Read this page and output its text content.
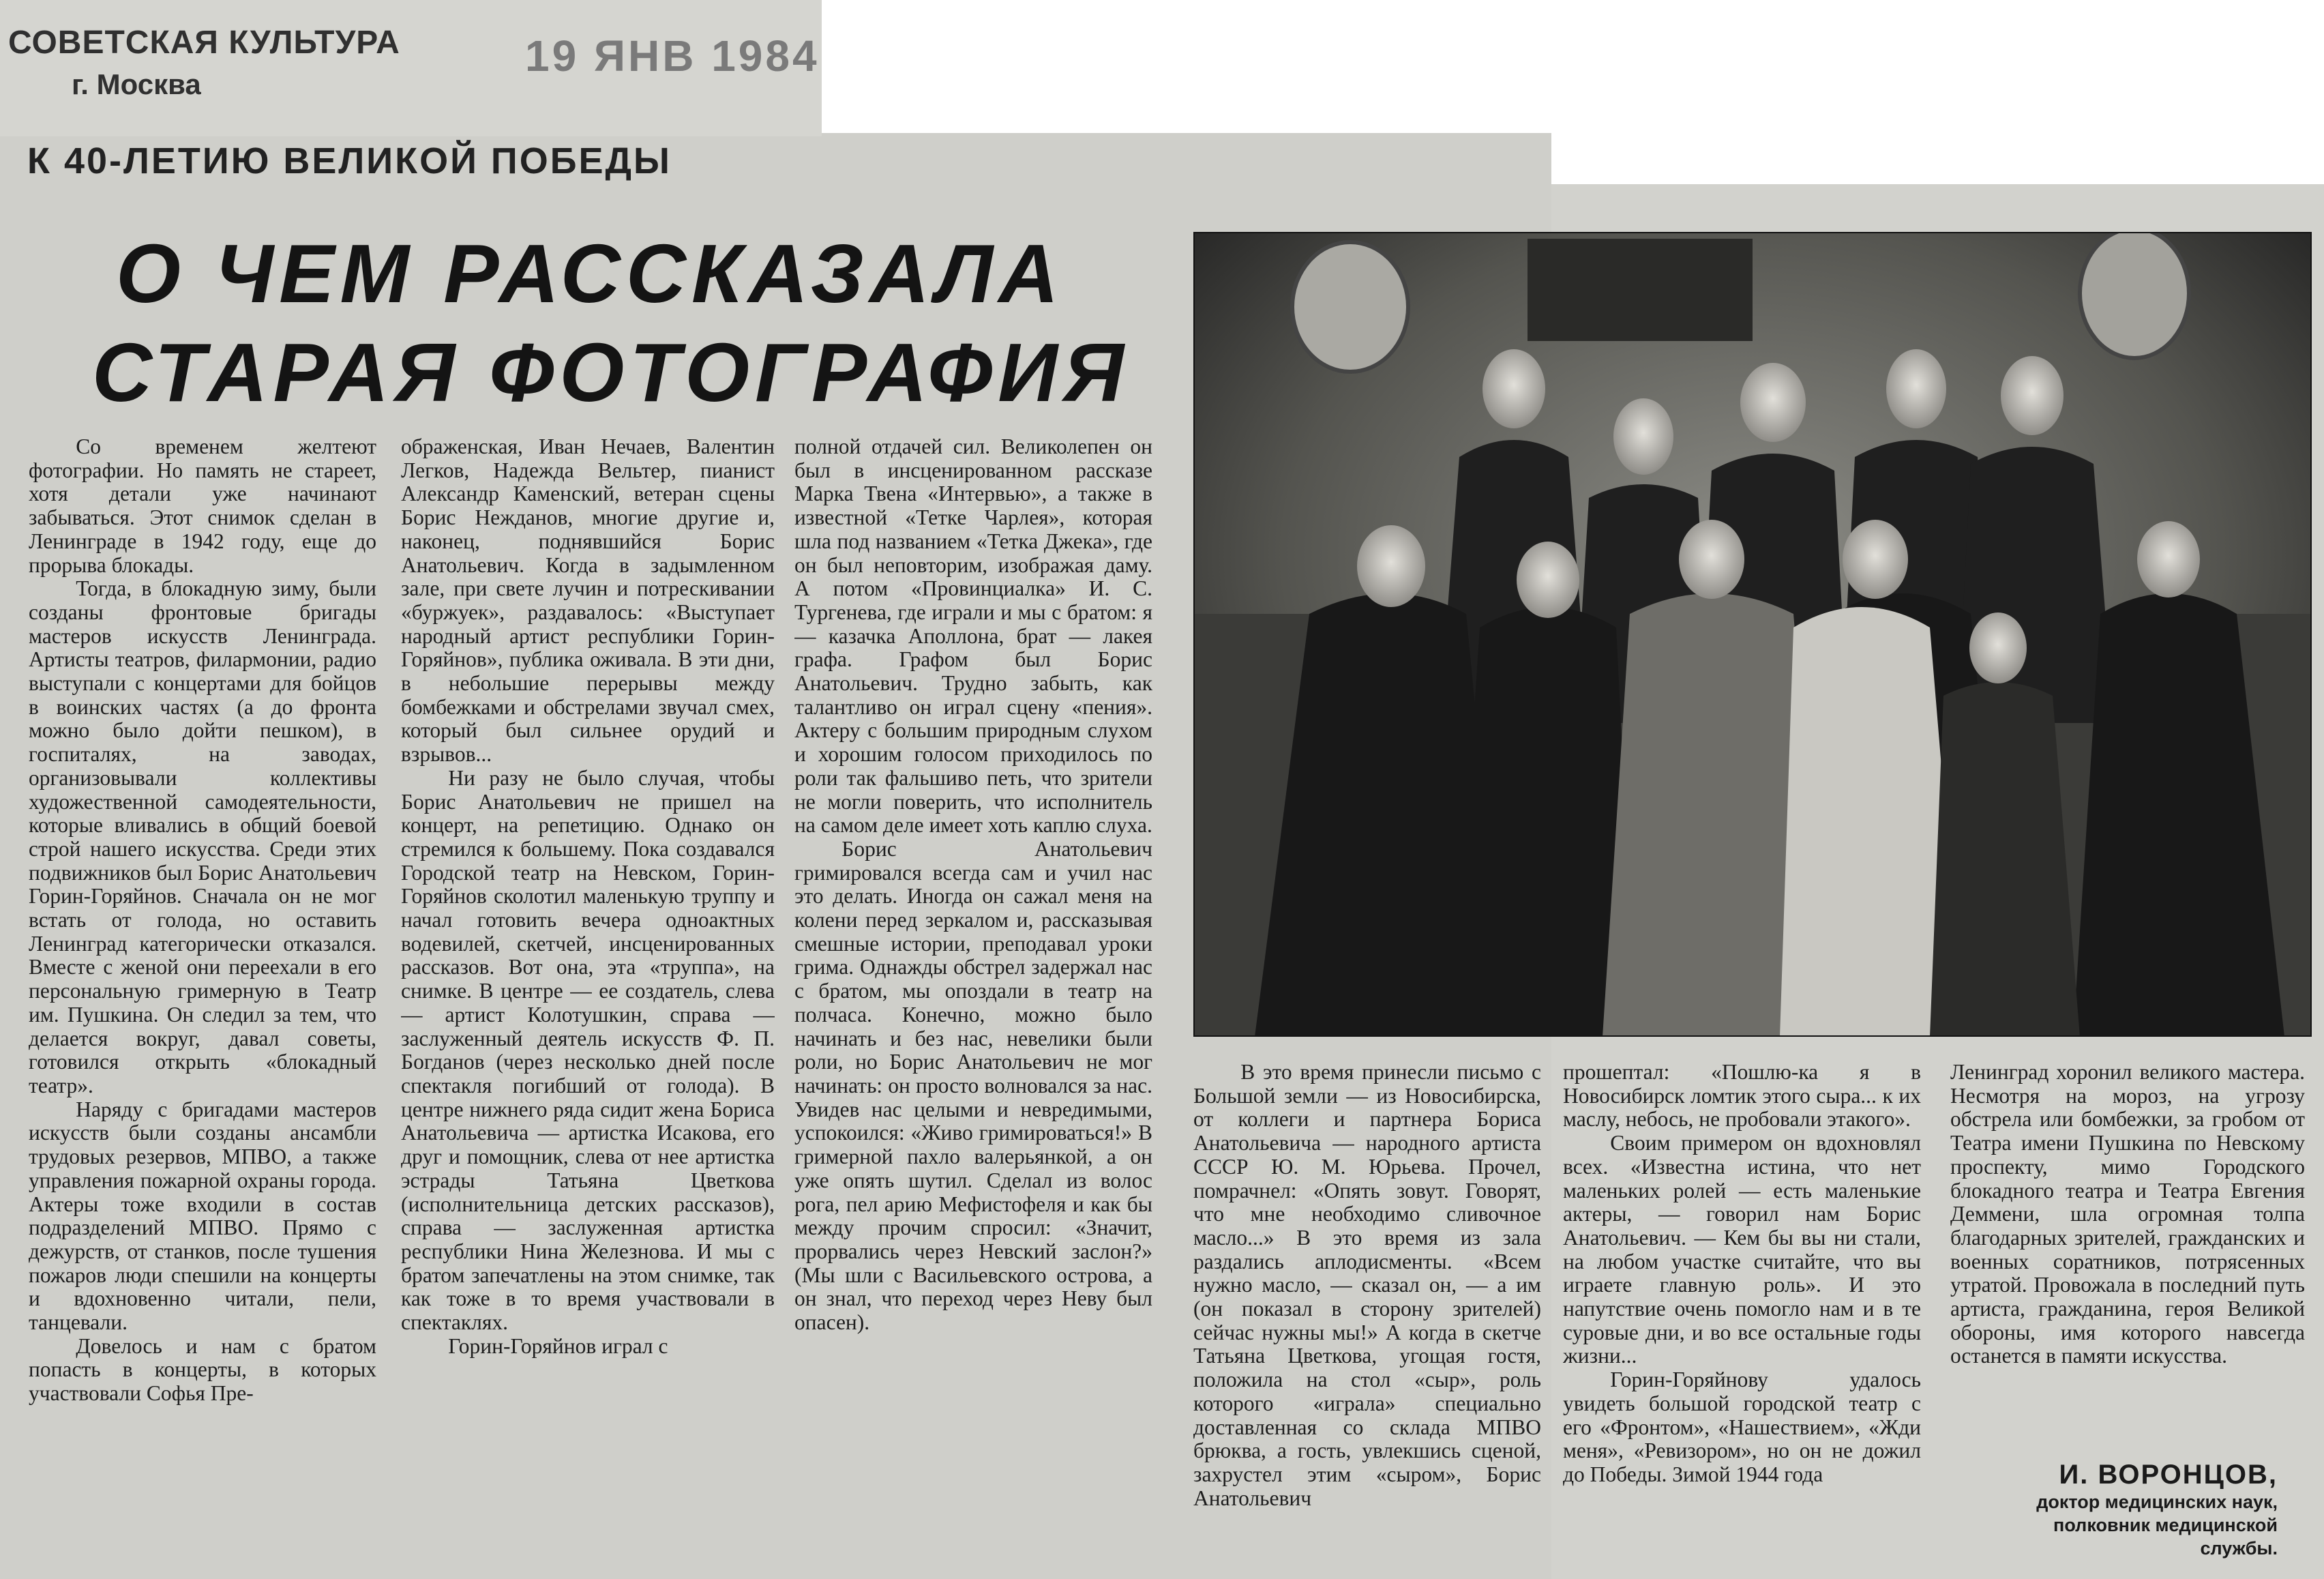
СОВЕТСКАЯ КУЛЬТУРА
г. Москва
19 ЯНВ 1984
К 40-ЛЕТИЮ ВЕЛИКОЙ ПОБЕДЫ
О ЧЕМ РАССКАЗАЛА
СТАРАЯ ФОТОГРАФИЯ

Со временем желтеют фотографии. Но память не стареет, хотя детали уже начинают забываться. Этот снимок сделан в Ленинграде в 1942 году, еще до прорыва блокады.

Тогда, в блокадную зиму, были созданы фронтовые бригады мастеров искусств Ленинграда. Артисты театров, филармонии, радио выступали с концертами для бойцов в воинских частях (а до фронта можно было дойти пешком), в госпиталях, на заводах, организовывали коллективы художественной самодеятельности, которые вливались в общий боевой строй нашего искусства. Среди этих подвижников был Борис Анатольевич Горин-Горяйнов. Сначала он не мог встать от голода, но оставить Ленинград категорически отказался. Вместе с женой они переехали в его персональную гримерную в Театр им. Пушкина. Он следил за тем, что делается вокруг, давал советы, готовился открыть «блокадный театр».

Наряду с бригадами мастеров искусств были созданы ансамбли трудовых резервов, МПВО, а также управления пожарной охраны города. Актеры тоже входили в состав подразделений МПВО. Прямо с дежурств, от станков, после тушения пожаров люди спешили на концерты и вдохновенно читали, пели, танцевали.

Довелось и нам с братом попасть в концерты, в которых участвовали Софья Пре-

ображенская, Иван Нечаев, Валентин Легков, Надежда Вельтер, пианист Александр Каменский, ветеран сцены Борис Нежданов, многие другие и, наконец, поднявшийся Борис Анатольевич. Когда в задымленном зале, при свете лучин и потрескивании «буржуек», раздавалось: «Выступает народный артист республики Горин-Горяйнов», публика оживала. В эти дни, в небольшие перерывы между бомбежками и обстрелами звучал смех, который был сильнее орудий и взрывов...

Ни разу не было случая, чтобы Борис Анатольевич не пришел на концерт, на репетицию. Однако он стремился к большему. Пока создавался Городской театр на Невском, Горин-Горяйнов сколотил маленькую труппу и начал готовить вечера одноактных водевилей, скетчей, инсценированных рассказов. Вот она, эта «труппа», на снимке. В центре — ее создатель, слева — артист Колотушкин, справа — заслуженный деятель искусств Ф. П. Богданов (через несколько дней после спектакля погибший от голода). В центре нижнего ряда сидит жена Бориса Анатольевича — артистка Исакова, его друг и помощник, слева от нее артистка эстрады Татьяна Цветкова (исполнительница детских рассказов), справа — заслуженная артистка республики Нина Железнова. И мы с братом запечатлены на этом снимке, так как тоже в то время участвовали в спектаклях.

Горин-Горяйнов играл с

полной отдачей сил. Великолепен он был в инсценированном рассказе Марка Твена «Интервью», а также в известной «Тетке Чарлея», которая шла под названием «Тетка Джека», где он был неповторим, изображая даму. А потом «Провинциалка» И. С. Тургенева, где играли и мы с братом: я — казачка Аполлона, брат — лакея графа. Графом был Борис Анатольевич. Трудно забыть, как талантливо он играл сцену «пения». Актеру с большим природным слухом и хорошим голосом приходилось по роли так фальшиво петь, что зрители не могли поверить, что исполнитель на самом деле имеет хоть каплю слуха.

Борис Анатольевич гримировался всегда сам и учил нас это делать. Иногда он сажал меня на колени перед зеркалом и, рассказывая смешные истории, преподавал уроки грима. Однажды обстрел задержал нас с братом, мы опоздали в театр на полчаса. Конечно, можно было начинать и без нас, невелики были роли, но Борис Анатольевич не мог начинать: он просто волновался за нас. Увидев нас целыми и невредимыми, успокоился: «Живо гримироваться!» В гримерной пахло валерьянкой, а он уже опять шутил. Сделал из волос рога, пел арию Мефистофеля и как бы между прочим спросил: «Значит, прорвались через Невский заслон?» (Мы шли с Васильевского острова, а он знал, что переход через Неву был опасен).

В это время принесли письмо с Большой земли — из Новосибирска, от коллеги и партнера Бориса Анатольевича — народного артиста СССР Ю. М. Юрьева. Прочел, помрачнел: «Опять зовут. Говорят, что мне необходимо сливочное масло...» В это время из зала раздались аплодисменты. «Всем нужно масло, — сказал он, — а им (он показал в сторону зрителей) сейчас нужны мы!» А когда в скетче Татьяна Цветкова, угощая гостя, положила на стол «сыр», роль которого «играла» специально доставленная со склада МПВО брюква, а гость, увлекшись сценой, захрустел этим «сыром», Борис Анатольевич

прошептал: «Пошлю-ка я в Новосибирск ломтик этого сыра... к их маслу, небось, не пробовали этакого».

Своим примером он вдохновлял всех. «Известна истина, что нет маленьких ролей — есть маленькие актеры, — говорил нам Борис Анатольевич. — Кем бы вы ни стали, на любом участке считайте, что вы играете главную роль». И это напутствие очень помогло нам и в те суровые дни, и во все остальные годы жизни...

Горин-Горяйнову удалось увидеть большой городской театр с его «Фронтом», «Нашествием», «Жди меня», «Ревизором», но он не дожил до Победы. Зимой 1944 года

Ленинград хоронил великого мастера. Несмотря на мороз, на угрозу обстрела или бомбежки, за гробом от Театра имени Пушкина по Невскому проспекту, мимо Городского блокадного театра и Театра Евгения Деммени, шла огромная толпа благодарных зрителей, гражданских и военных соратников, потрясенных утратой. Провожала в последний путь артиста, гражданина, героя Великой обороны, имя которого навсегда останется в памяти искусства.

И. ВОРОНЦОВ,
доктор медицинских наук,
полковник медицинской
службы.
